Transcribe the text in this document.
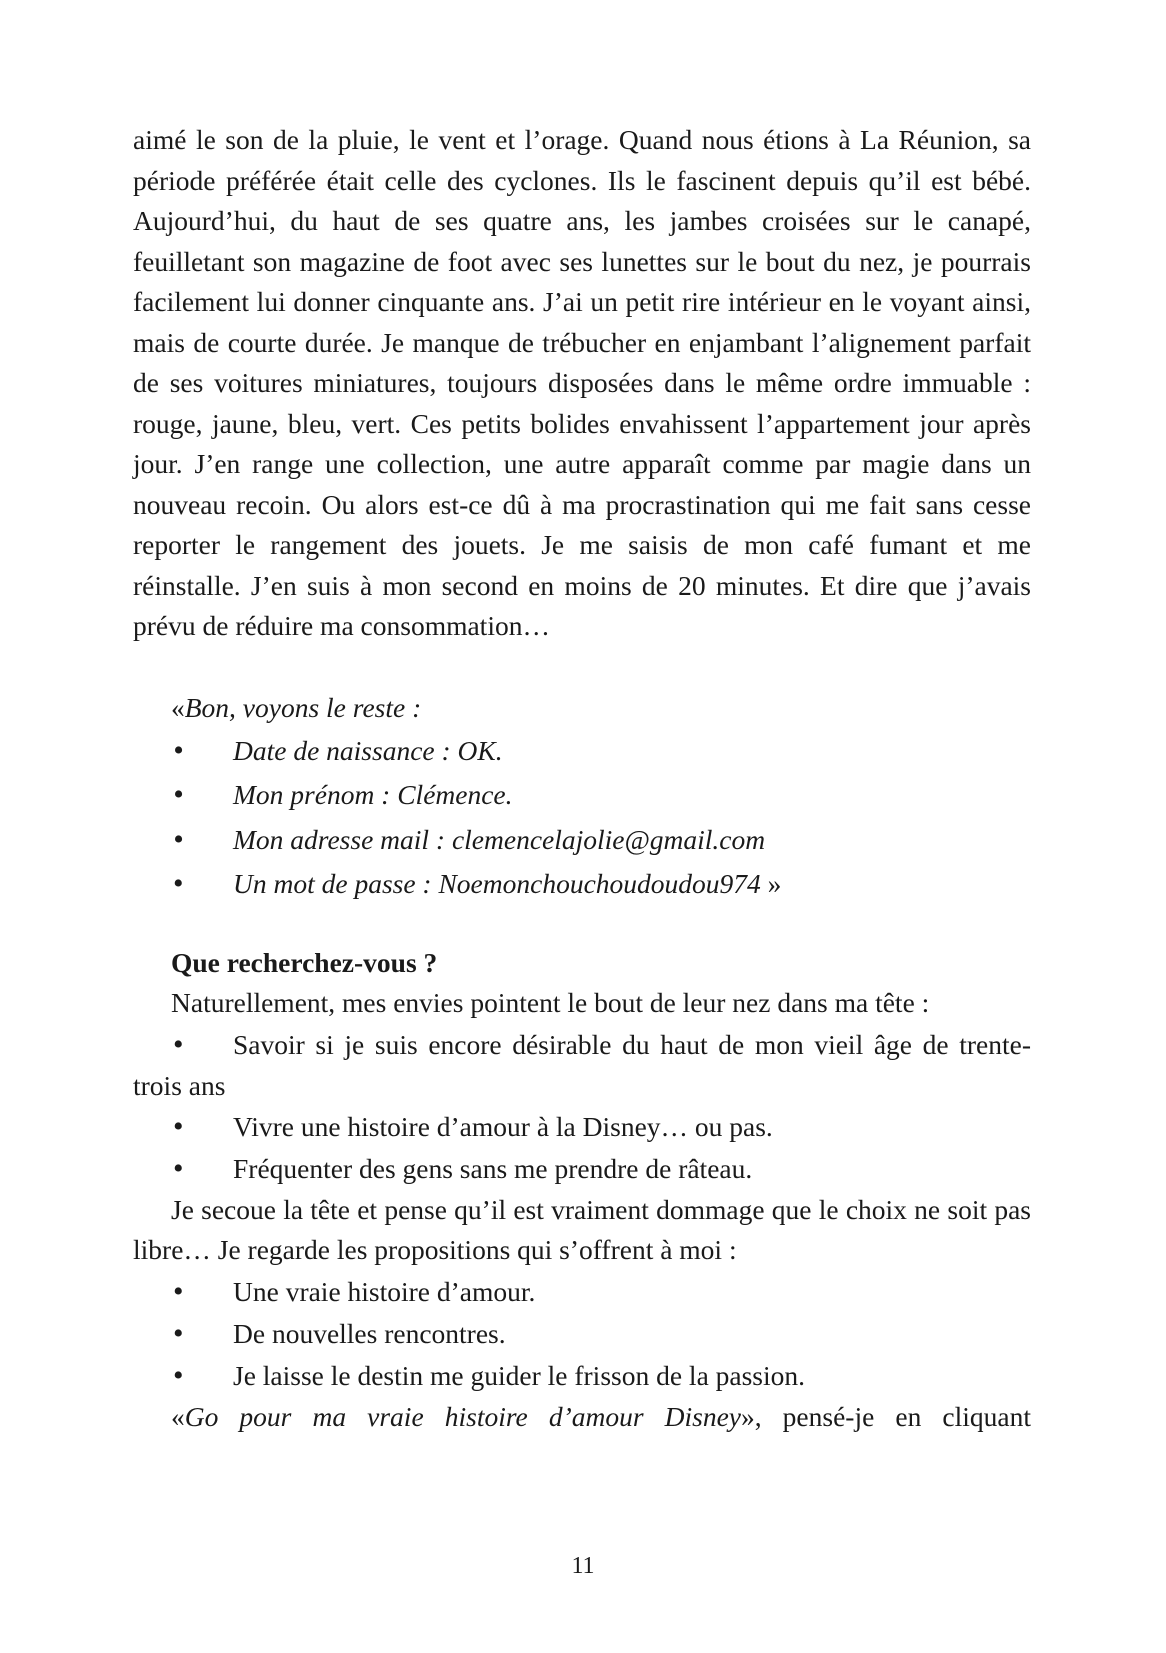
aimé le son de la pluie, le vent et l’orage. Quand nous étions à La Réunion, sa période préférée était celle des cyclones. Ils le fascinent depuis qu’il est bébé. Aujourd’hui, du haut de ses quatre ans, les jambes croisées sur le canapé, feuilletant son magazine de foot avec ses lunettes sur le bout du nez, je pourrais facilement lui donner cinquante ans. J’ai un petit rire intérieur en le voyant ainsi, mais de courte durée. Je manque de trébucher en enjambant l’alignement parfait de ses voitures miniatures, toujours disposées dans le même ordre immuable : rouge, jaune, bleu, vert. Ces petits bolides envahissent l’appartement jour après jour. J’en range une collection, une autre apparaît comme par magie dans un nouveau recoin. Ou alors est-ce dû à ma procrastination qui me fait sans cesse reporter le rangement des jouets. Je me saisis de mon café fumant et me réinstalle. J’en suis à mon second en moins de 20 minutes. Et dire que j’avais prévu de réduire ma consommation…

«Bon, voyons le reste :

• Date de naissance : OK.
• Mon prénom : Clémence.
• Mon adresse mail : clemencelajolie@gmail.com
• Un mot de passe : Noemonchouchoudoudou974 »

Que recherchez-vous ?

Naturellement, mes envies pointent le bout de leur nez dans ma tête :

• Savoir si je suis encore désirable du haut de mon vieil âge de trente-

trois ans

• Vivre une histoire d’amour à la Disney… ou pas.
• Fréquenter des gens sans me prendre de râteau.

Je secoue la tête et pense qu’il est vraiment dommage que le choix ne soit pas libre… Je regarde les propositions qui s’offrent à moi :

• Une vraie histoire d’amour.
• De nouvelles rencontres.
• Je laisse le destin me guider le frisson de la passion.

«Go pour ma vraie histoire d’amour Disney», pensé-je en cliquant

11
